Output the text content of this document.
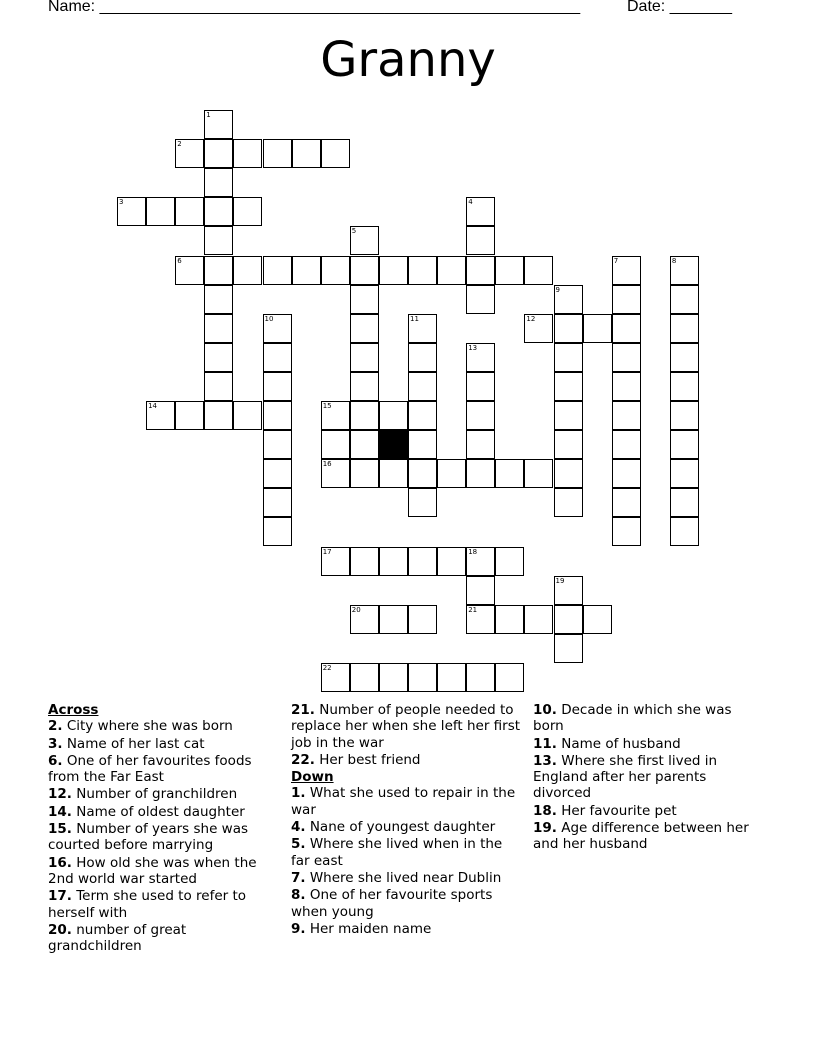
Name: ______________________________________________________	Date: _______
Granny
1
2
3	4
5
6	7	8
9
10	11	12
13
14	15
16
17	18
21
19
20
22
Across
2. City where she was born
3. Name of her last cat
6. One of her favourites foods from the Far East
12. Number of granchildren
14. Name of oldest daughter
15. Number of years she was courted before marrying
16. How old she was when the 2nd world war started
17. Term she used to refer to herself with
20. number of great grandchildren
21. Number of people needed to replace her when she left her first job in the war
22. Her best friend
Down
1. What she used to repair in the war
4. Nane of youngest daughter
5. Where she lived when in the far east
7. Where she lived near Dublin
8. One of her favourite sports when young
9. Her maiden name
10. Decade in which she was born
11. Name of husband
13. Where she first lived in England after her parents divorced
18. Her favourite pet
19. Age difference between her and her husband
